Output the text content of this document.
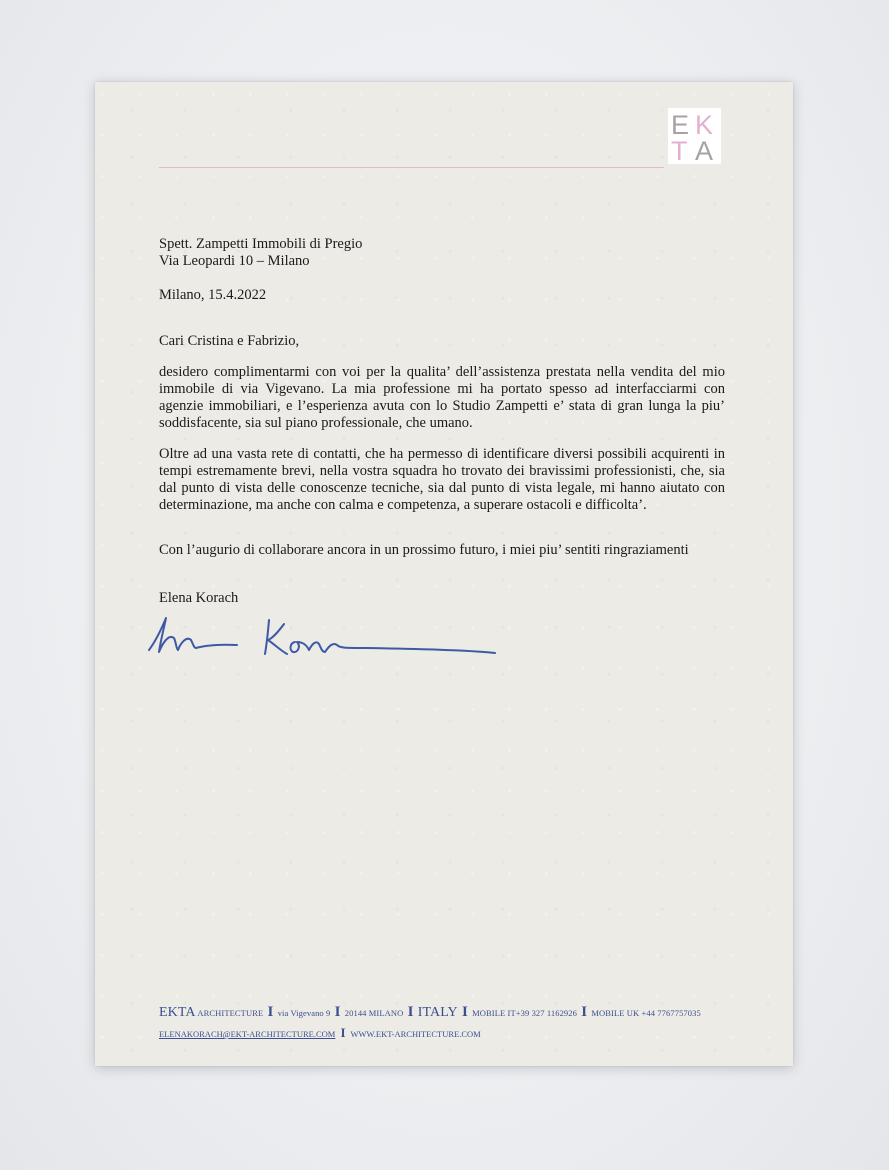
E K
T A
Spett. Zampetti Immobili di Pregio
Via Leopardi 10 – Milano
Milano, 15.4.2022
Cari Cristina e Fabrizio,
desidero complimentarmi con voi per la qualita’ dell’assistenza prestata nella vendita del mio immobile di via Vigevano. La mia professione mi ha portato spesso ad interfacciarmi con agenzie immobiliari, e l’esperienza avuta con lo Studio Zampetti e’ stata di gran lunga la piu’ soddisfacente, sia sul piano professionale, che umano.
Oltre ad una vasta rete di contatti, che ha permesso di identificare diversi possibili acquirenti in tempi estremamente brevi, nella vostra squadra ho trovato dei bravissimi professionisti, che, sia dal punto di vista delle conoscenze tecniche, sia dal punto di vista legale, mi hanno aiutato con determinazione, ma anche con calma e competenza, a superare ostacoli e difficolta’.
Con l’augurio di collaborare ancora in un prossimo futuro, i miei piu’ sentiti ringraziamenti
Elena Korach
EKTA ARCHITECTURE I via Vigevano 9 I 20144 MILANO I ITALY I MOBILE IT+39 327 1162926 I MOBILE UK +44 7767757035
ELENAKORACH@EKT-ARCHITECTURE.COM I WWW.EKT-ARCHITECTURE.COM
